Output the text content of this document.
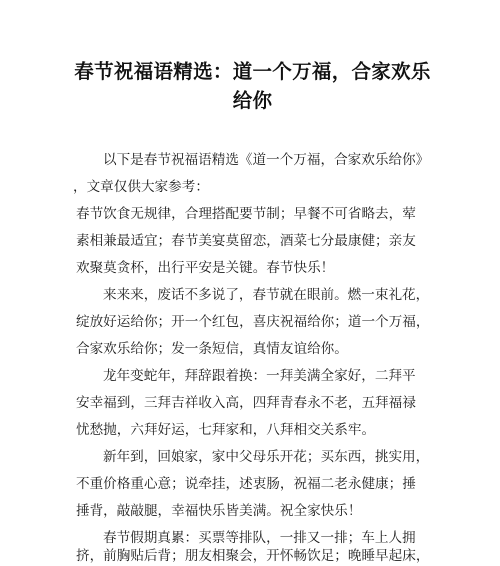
春节祝福语精选：道一个万福，合家欢乐
给你
以下是春节祝福语精选《道一个万福，合家欢乐给你》
，文章仅供大家参考：
春节饮食无规律，合理搭配要节制；早餐不可省略去，荤
素相兼最适宜；春节美宴莫留恋，酒菜七分最康健；亲友
欢聚莫贪杯，出行平安是关键。春节快乐！
来来来，废话不多说了，春节就在眼前。燃一束礼花，
绽放好运给你；开一个红包，喜庆祝福给你；道一个万福，
合家欢乐给你；发一条短信，真情友谊给你。
龙年变蛇年，拜辞跟着换：一拜美满全家好，二拜平
安幸福到，三拜吉祥收入高，四拜青春永不老，五拜福禄
忧愁抛，六拜好运，七拜家和，八拜相交关系牢。
新年到，回娘家，家中父母乐开花；买东西，挑实用，
不重价格重心意；说牵挂，述衷肠，祝福二老永健康；捶
捶背，敲敲腿，幸福快乐皆美满。祝全家快乐！
春节假期真累：买票等排队，一排又一排；车上人拥
挤，前胸贴后背；朋友相聚会，开怀畅饮足；晚睡早起床，
